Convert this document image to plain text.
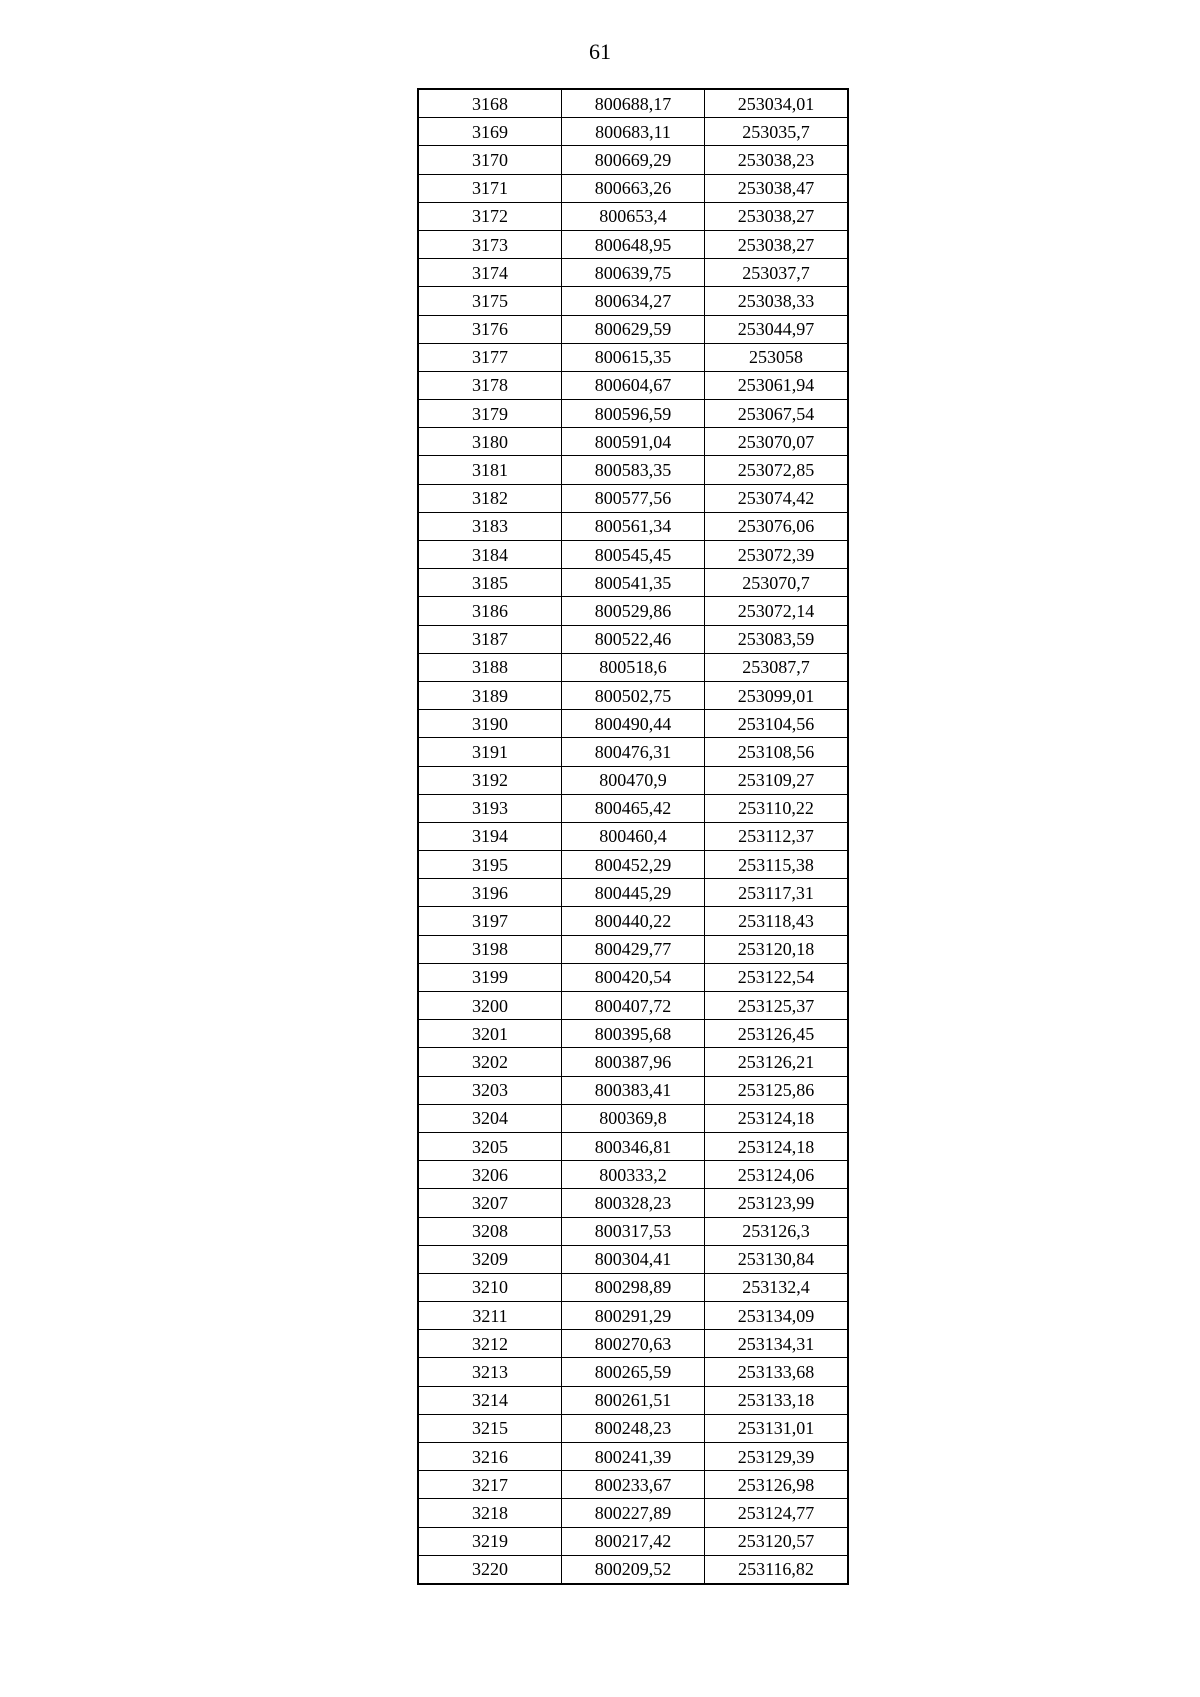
61
3168	800688,17	253034,01
3169	800683,11	253035,7
3170	800669,29	253038,23
3171	800663,26	253038,47
3172	800653,4	253038,27
3173	800648,95	253038,27
3174	800639,75	253037,7
3175	800634,27	253038,33
3176	800629,59	253044,97
3177	800615,35	253058
3178	800604,67	253061,94
3179	800596,59	253067,54
3180	800591,04	253070,07
3181	800583,35	253072,85
3182	800577,56	253074,42
3183	800561,34	253076,06
3184	800545,45	253072,39
3185	800541,35	253070,7
3186	800529,86	253072,14
3187	800522,46	253083,59
3188	800518,6	253087,7
3189	800502,75	253099,01
3190	800490,44	253104,56
3191	800476,31	253108,56
3192	800470,9	253109,27
3193	800465,42	253110,22
3194	800460,4	253112,37
3195	800452,29	253115,38
3196	800445,29	253117,31
3197	800440,22	253118,43
3198	800429,77	253120,18
3199	800420,54	253122,54
3200	800407,72	253125,37
3201	800395,68	253126,45
3202	800387,96	253126,21
3203	800383,41	253125,86
3204	800369,8	253124,18
3205	800346,81	253124,18
3206	800333,2	253124,06
3207	800328,23	253123,99
3208	800317,53	253126,3
3209	800304,41	253130,84
3210	800298,89	253132,4
3211	800291,29	253134,09
3212	800270,63	253134,31
3213	800265,59	253133,68
3214	800261,51	253133,18
3215	800248,23	253131,01
3216	800241,39	253129,39
3217	800233,67	253126,98
3218	800227,89	253124,77
3219	800217,42	253120,57
3220	800209,52	253116,82
